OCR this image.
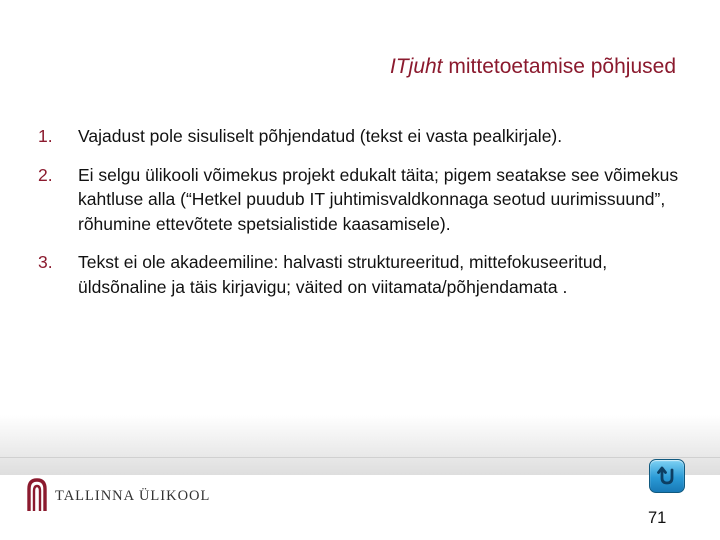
ITjuht mittetoetamise põhjused
1.	Vajadust pole sisuliselt põhjendatud (tekst ei vasta pealkirjale).
2.	Ei selgu ülikooli võimekus projekt edukalt täita; pigem seatakse see võimekus kahtluse alla (“Hetkel puudub IT juhtimisvaldkonnaga seotud uurimissuund”, rõhumine ettevõtete spetsialistide kaasamisele).
3.	Tekst ei ole akadeemiline: halvasti struktureeritud, mittefokuseeritud, üldsõnaline ja täis kirjavigu; väited on viitamata/põhjendamata .
TALLINNA ÜLIKOOL
71
